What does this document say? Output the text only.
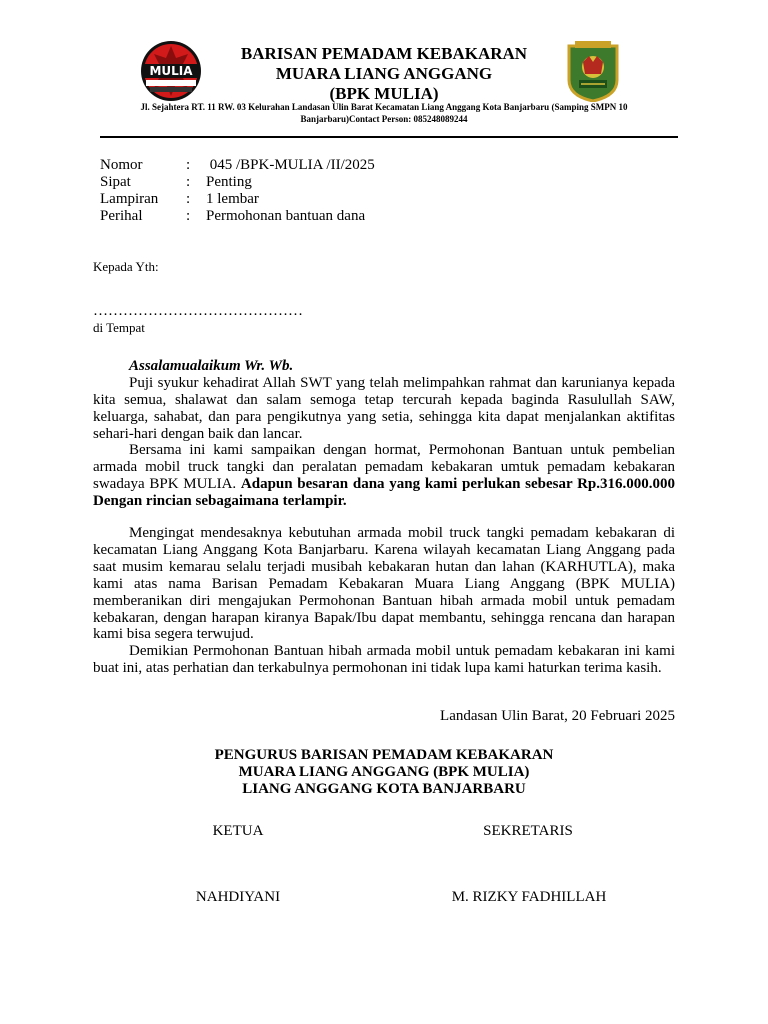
MULIA
BARISAN PEMADAM KEBAKARAN
MUARA LIANG ANGGANG
(BPK MULIA)
Jl. Sejahtera RT. 11 RW. 03 Kelurahan Landasan Ulin Barat Kecamatan Liang Anggang Kota Banjarbaru (Samping SMPN 10
Banjarbaru)Contact Person: 085248089244
Nomor	:	045 /BPK-MULIA /II/2025
Sipat	:	Penting
Lampiran	:	1 lembar
Perihal	:	Permohonan bantuan dana
Kepada Yth:
……………………………………
di Tempat
Assalamualaikum Wr. Wb.
Puji syukur kehadirat Allah SWT yang telah melimpahkan rahmat dan karunianya kepada kita semua, shalawat dan salam semoga tetap tercurah kepada baginda Rasulullah SAW, keluarga, sahabat, dan para pengikutnya yang setia, sehingga kita dapat menjalankan aktifitas sehari-hari dengan baik dan lancar.
Bersama ini kami sampaikan dengan hormat, Permohonan Bantuan untuk pembelian armada mobil truck tangki dan peralatan pemadam kebakaran umtuk pemadam kebakaran swadaya BPK MULIA. Adapun besaran dana yang kami perlukan sebesar Rp.316.000.000 Dengan rincian sebagaimana terlampir.
Mengingat mendesaknya kebutuhan armada mobil truck tangki pemadam kebakaran di kecamatan Liang Anggang Kota Banjarbaru. Karena wilayah kecamatan Liang Anggang pada saat musim kemarau selalu terjadi musibah kebakaran hutan dan lahan (KARHUTLA), maka kami atas nama Barisan Pemadam Kebakaran Muara Liang Anggang (BPK MULIA) memberanikan diri mengajukan Permohonan Bantuan hibah armada mobil untuk pemadam kebakaran, dengan harapan kiranya Bapak/Ibu dapat membantu, sehingga rencana dan harapan kami bisa segera terwujud.
Demikian Permohonan Bantuan hibah armada mobil untuk pemadam kebakaran ini kami buat ini, atas perhatian dan terkabulnya permohonan ini tidak lupa kami haturkan terima kasih.
Landasan Ulin Barat, 20 Februari 2025
PENGURUS BARISAN PEMADAM KEBAKARAN
MUARA LIANG ANGGANG (BPK MULIA)
LIANG ANGGANG KOTA BANJARBARU
KETUA	SEKRETARIS
NAHDIYANI	M. RIZKY FADHILLAH
